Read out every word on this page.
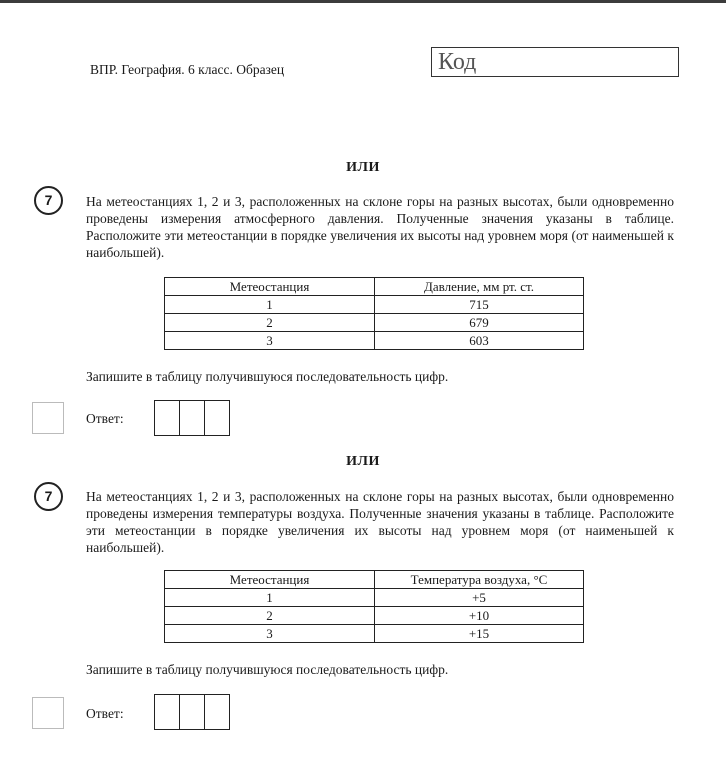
ВПР. География. 6 класс. Образец	Код
ИЛИ
7	На метеостанциях 1, 2 и 3, расположенных на склоне горы на разных высотах, были одновременно проведены измерения атмосферного давления. Полученные значения указаны в таблице. Расположите эти метеостанции в порядке увеличения их высоты над уровнем моря (от наименьшей к наибольшей).
Метеостанция	Давление, мм рт. ст.
1	715
2	679
3	603
Запишите в таблицу получившуюся последовательность цифр.
Ответ:
ИЛИ
7	На метеостанциях 1, 2 и 3, расположенных на склоне горы на разных высотах, были одновременно проведены измерения температуры воздуха. Полученные значения указаны в таблице. Расположите эти метеостанции в порядке увеличения их высоты над уровнем моря (от наименьшей к наибольшей).
Метеостанция	Температура воздуха, °С
1	+5
2	+10
3	+15
Запишите в таблицу получившуюся последовательность цифр.
Ответ:
